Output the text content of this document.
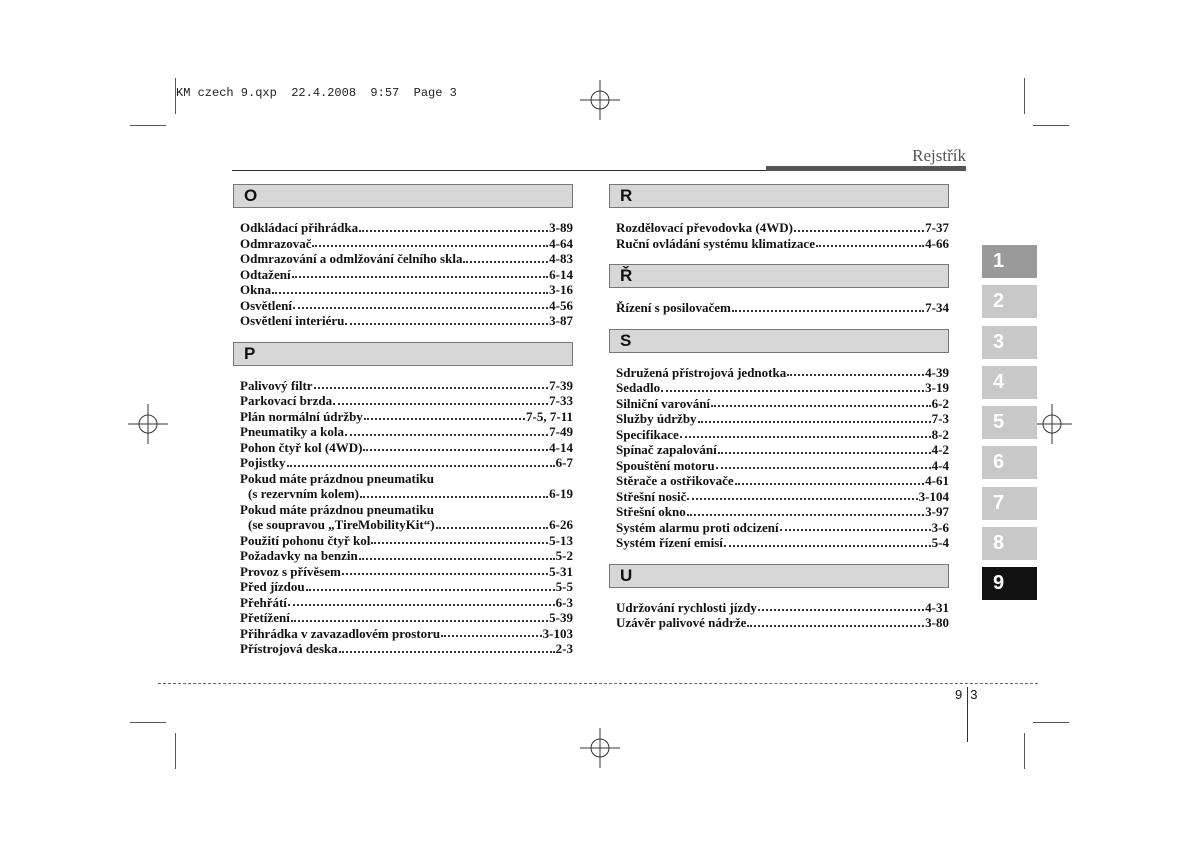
KM czech 9.qxp  22.4.2008  9:57  Page 3
Rejstřík
O
Odkládací přihrádka	3-89
Odmrazovač	4-64
Odmrazování a odmlžování čelního skla	4-83
Odtažení	6-14
Okna	3-16
Osvětlení	4-56
Osvětlení interiéru	3-87
P
Palivový filtr	7-39
Parkovací brzda	7-33
Plán normální údržby	7-5, 7-11
Pneumatiky a kola	7-49
Pohon čtyř kol (4WD)	4-14
Pojistky	6-7
Pokud máte prázdnou pneumatiku
(s rezervním kolem)	6-19
Pokud máte prázdnou pneumatiku
(se soupravou „TireMobilityKit“)	6-26
Použití pohonu čtyř kol	5-13
Požadavky na benzin	5-2
Provoz s přívěsem	5-31
Před jízdou	5-5
Přehřátí	6-3
Přetížení	5-39
Přihrádka v zavazadlovém prostoru	3-103
Přístrojová deska	2-3
R
Rozdělovací převodovka (4WD)	7-37
Ruční ovládání systému klimatizace	4-66
Ř
Řízení s posilovačem	7-34
S
Sdružená přístrojová jednotka	4-39
Sedadlo	3-19
Silniční varování	6-2
Služby údržby	7-3
Specifikace	8-2
Spínač zapalování	4-2
Spouštění motoru	4-4
Stěrače a ostřikovače	4-61
Střešní nosič	3-104
Střešní okno	3-97
Systém alarmu proti odcizení	3-6
Systém řízení emisí	5-4
U
Udržování rychlosti jízdy	4-31
Uzávěr palivové nádrže	3-80
1
2
3
4
5
6
7
8
9
9 3
